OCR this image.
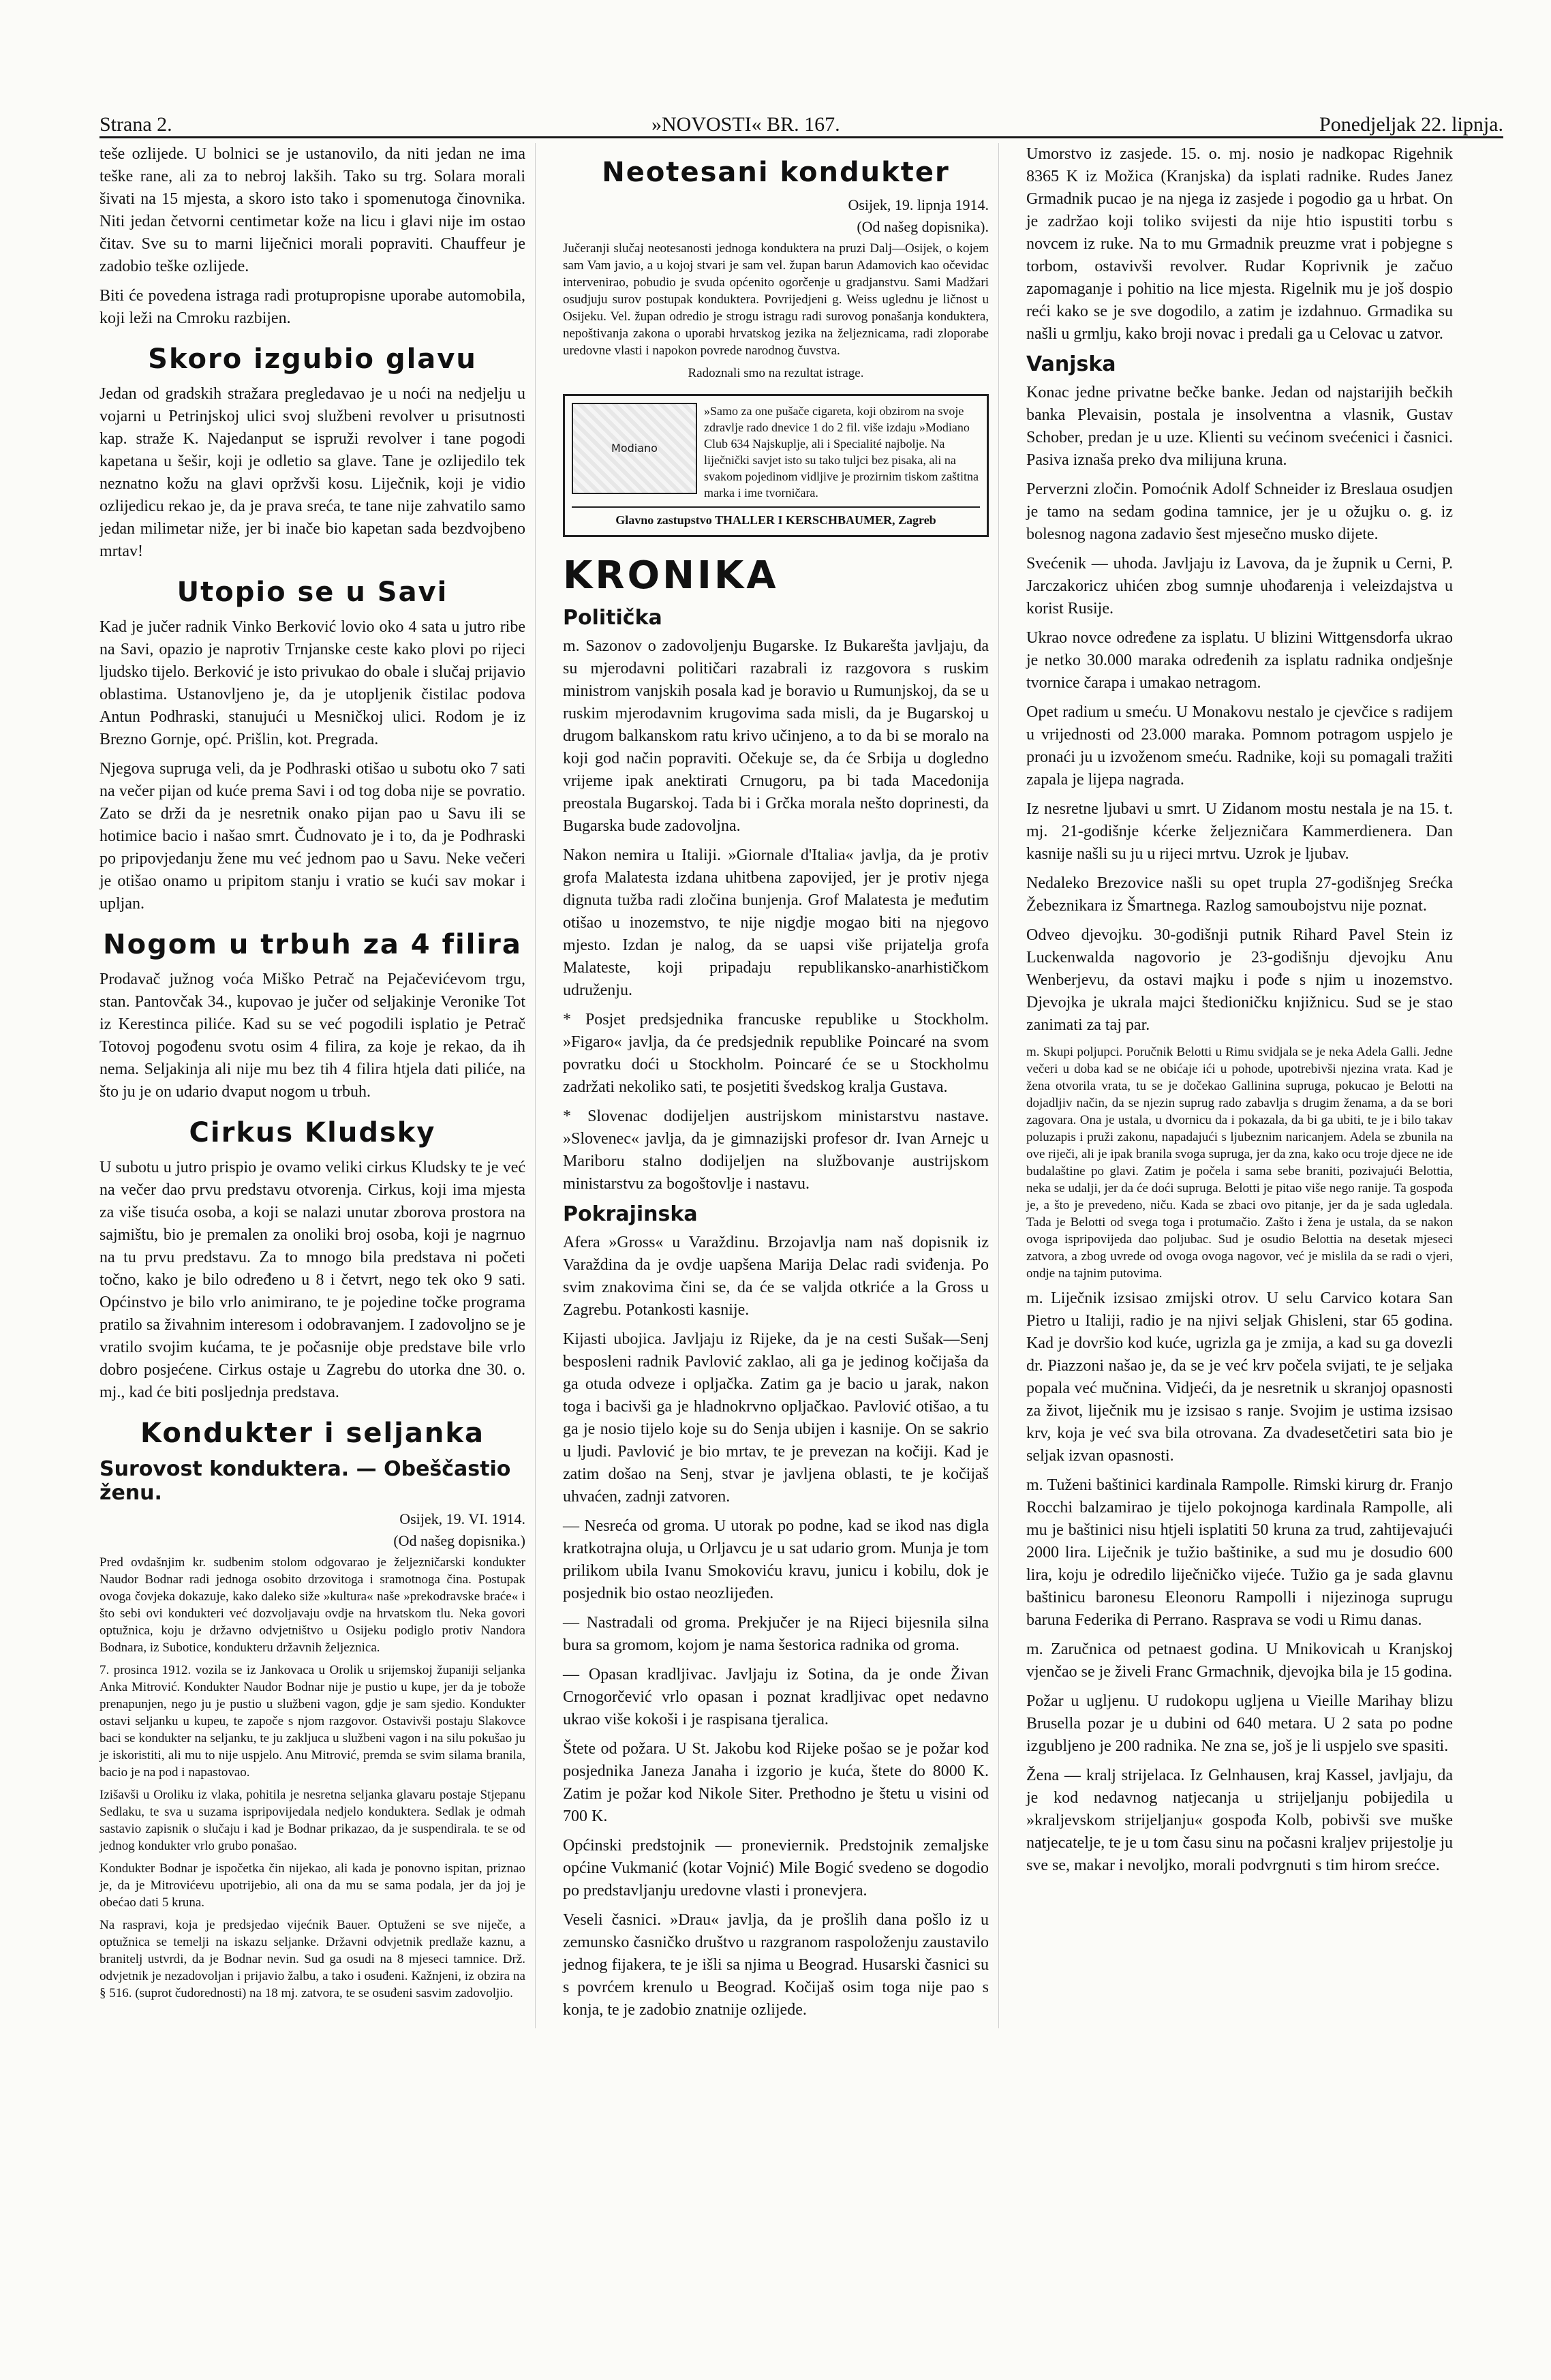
Strana 2.	»NOVOSTI« BR. 167.	Ponedjeljak 22. lipnja.

teše ozlijede. U bolnici se je ustanovilo, da niti jedan ne ima teške rane, ali za to nebroj lakših. Tako su trg. Solara morali šivati na 15 mjesta, a skoro isto tako i spomenutoga činovnika. Niti jedan četvorni centimetar kože na licu i glavi nije im ostao čitav. Sve su to marni liječnici morali popraviti. Chauffeur je zadobio teške ozlijede.

Biti će povedena istraga radi protupropisne uporabe automobila, koji leži na Cmroku razbijen.

Skoro izgubio glavu

Jedan od gradskih stražara pregledavao je u noći na nedjelju u vojarni u Petrinjskoj ulici svoj službeni revolver u prisutnosti kap. straže K. Najedanput se ispruži revolver i tane pogodi kapetana u šešir, koji je odletio sa glave. Tane je ozlijedilo tek neznatno kožu na glavi opržvši kosu. Liječnik, koji je vidio ozlijedicu rekao je, da je prava sreća, te tane nije zahvatilo samo jedan milimetar niže, jer bi inače bio kapetan sada bezdvojbeno mrtav!

Utopio se u Savi

Kad je jučer radnik Vinko Berković lovio oko 4 sata u jutro ribe na Savi, opazio je naprotiv Trnjanske ceste kako plovi po rijeci ljudsko tijelo. Berković je isto privukao do obale i slučaj prijavio oblastima. Ustanovljeno je, da je utopljenik čistilac podova Antun Podhraski, stanujući u Mesničkoj ulici. Rodom je iz Brezno Gornje, opć. Prišlin, kot. Pregrada.

Njegova supruga veli, da je Podhraski otišao u subotu oko 7 sati na večer pijan od kuće prema Savi i od tog doba nije se povratio. Zato se drži da je nesretnik onako pijan pao u Savu ili se hotimice bacio i našao smrt. Čudnovato je i to, da je Podhraski po pripovjedanju žene mu već jednom pao u Savu. Neke večeri je otišao onamo u pripitom stanju i vratio se kući sav mokar i upljan.

Nogom u trbuh za 4 filira

Prodavač južnog voća Miško Petrač na Pejačevićevom trgu, stan. Pantovčak 34., kupovao je jučer od seljakinje Veronike Tot iz Kerestinca piliće. Kad su se već pogodili isplatio je Petrač Totovoj pogođenu svotu osim 4 filira, za koje je rekao, da ih nema. Seljakinja ali nije mu bez tih 4 filira htjela dati piliće, na što ju je on udario dvaput nogom u trbuh.

Cirkus Kludsky

U subotu u jutro prispio je ovamo veliki cirkus Kludsky te je već na večer dao prvu predstavu otvorenja. Cirkus, koji ima mjesta za više tisuća osoba, a koji se nalazi unutar zborova prostora na sajmištu, bio je premalen za onoliki broj osoba, koji je nagrnuo na tu prvu predstavu. Za to mnogo bila predstava ni početi točno, kako je bilo određeno u 8 i četvrt, nego tek oko 9 sati. Općinstvo je bilo vrlo animirano, te je pojedine točke programa pratilo sa živahnim interesom i odobravanjem. I zadovoljno se je vratilo svojim kućama, te je počasnije obje predstave bile vrlo dobro posjećene. Cirkus ostaje u Zagrebu do utorka dne 30. o. mj., kad će biti posljednja predstava.

Kondukter i seljanka
Surovost konduktera. — Obeščastio ženu.
Osijek, 19. VI. 1914.
(Od našeg dopisnika.)

Pred ovdašnjim kr. sudbenim stolom odgovarao je željezničarski kondukter Naudor Bodnar radi jednoga osobito drzovitoga i sramotnoga čina. Postupak ovoga čovjeka dokazuje, kako daleko siže »kultura« naše »prekodravske braće« i što sebi ovi kondukteri već dozvoljavaju ovdje na hrvatskom tlu. Neka govori optužnica, koju je državno odvjetništvo u Osijeku podiglo protiv Nandora Bodnara, iz Subotice, kondukteru državnih željeznica.

7. prosinca 1912. vozila se iz Jankovaca u Orolik u srijemskoj županiji seljanka Anka Mitrović. Kondukter Naudor Bodnar nije je pustio u kupe, jer da je tobože prenapunjen, nego ju je pustio u službeni vagon, gdje je sam sjedio. Kondukter ostavi seljanku u kupeu, te započe s njom razgovor. Ostavivši postaju Slakovce baci se kondukter na seljanku, te ju zakljuca u službeni vagon i na silu pokušao ju je iskoristiti, ali mu to nije uspjelo. Anu Mitrović, premda se svim silama branila, bacio je na pod i napastovao.

Izišavši u Oroliku iz vlaka, pohitila je nesretna seljanka glavaru postaje Stjepanu Sedlaku, te sva u suzama ispripovijedala nedjelo konduktera. Sedlak je odmah sastavio zapisnik o slučaju i kad je Bodnar prikazao, da je suspendirala. te se od jednog kondukter vrlo grubo ponašao.

Kondukter Bodnar je ispočetka čin nijekao, ali kada je ponovno ispitan, priznao je, da je Mitrovićevu upotrijebio, ali ona da mu se sama podala, jer da joj je obećao dati 5 kruna.

Na raspravi, koja je predsjedao vijećnik Bauer. Optuženi se sve niječe, a optužnica se temelji na iskazu seljanke. Državni odvjetnik predlaže kaznu, a branitelj ustvrdi, da je Bodnar nevin. Sud ga osudi na 8 mjeseci tamnice. Drž. odvjetnik je nezadovoljan i prijavio žalbu, a tako i osuđeni. Kažnjeni, iz obzira na § 516. (suprot čudorednosti) na 18 mj. zatvora, te se osuđeni sasvim zadovoljio.

Neotesani kondukter
Osijek, 19. lipnja 1914.
(Od našeg dopisnika).

Jučeranji slučaj neotesanosti jednoga konduktera na pruzi Dalj—Osijek, o kojem sam Vam javio, a u kojoj stvari je sam vel. župan barun Adamovich kao očevidac intervenirao, pobudio je svuda općenito ogorčenje u gradjanstvu. Sami Madžari osudjuju surov postupak konduktera. Povrijedjeni g. Weiss uglednu je ličnost u Osijeku. Vel. župan odredio je strogu istragu radi surovog ponašanja konduktera, nepoštivanja zakona o uporabi hrvatskog jezika na željeznicama, radi zloporabe uredovne vlasti i napokon povrede narodnog čuvstva.

Radoznali smo na rezultat istrage.

Modiano
»Samo za one pušače cigareta, koji obzirom na svoje zdravlje rado dnevice 1 do 2 fil. više izdaju »Modiano Club 634 Najskuplje, ali i Specialité najbolje. Na liječnički savjet isto su tako tuljci bez pisaka, ali na svakom pojedinom vidljive je prozirnim tiskom zaštitna marka i ime tvorničara.
Glavno zastupstvo THALLER I KERSCHBAUMER, Zagreb
KRONIKA
Politička

m. Sazonov o zadovoljenju Bugarske. Iz Bukarešta javljaju, da su mjerodavni političari razabrali iz razgovora s ruskim ministrom vanjskih posala kad je boravio u Rumunjskoj, da se u ruskim mjerodavnim krugovima sada misli, da je Bugarskoj u drugom balkanskom ratu krivo učinjeno, a to da bi se moralo na koji god način popraviti. Očekuje se, da će Srbija u dogledno vrijeme ipak anektirati Crnugoru, pa bi tada Macedonija preostala Bugarskoj. Tada bi i Grčka morala nešto doprinesti, da Bugarska bude zadovoljna.

Nakon nemira u Italiji. »Giornale d'Italia« javlja, da je protiv grofa Malatesta izdana uhitbena zapovijed, jer je protiv njega dignuta tužba radi zločina bunjenja. Grof Malatesta je međutim otišao u inozemstvo, te nije nigdje mogao biti na njegovo mjesto. Izdan je nalog, da se uapsi više prijatelja grofa Malateste, koji pripadaju republikansko-anarhističkom udruženju.

* Posjet predsjednika francuske republike u Stockholm. »Figaro« javlja, da će predsjednik republike Poincaré na svom povratku doći u Stockholm. Poincaré će se u Stockholmu zadržati nekoliko sati, te posjetiti švedskog kralja Gustava.

* Slovenac dodijeljen austrijskom ministarstvu nastave. »Slovenec« javlja, da je gimnazijski profesor dr. Ivan Arnejc u Mariboru stalno dodijeljen na službovanje austrijskom ministarstvu za bogoštovlje i nastavu.

Pokrajinska

Afera »Gross« u Varaždinu. Brzojavlja nam naš dopisnik iz Varaždina da je ovdje uapšena Marija Delac radi sviđenja. Po svim znakovima čini se, da će se valjda otkriće a la Gross u Zagrebu. Potankosti kasnije.

Kijasti ubojica. Javljaju iz Rijeke, da je na cesti Sušak—Senj besposleni radnik Pavlović zaklao, ali ga je jedinog kočijaša da ga otuda odveze i opljačka. Zatim ga je bacio u jarak, nakon toga i bacivši ga je hladnokrvno opljačkao. Pavlović otišao, a tu ga je nosio tijelo koje su do Senja ubijen i kasnije. On se sakrio u ljudi. Pavlović je bio mrtav, te je prevezan na kočiji. Kad je zatim došao na Senj, stvar je javljena oblasti, te je kočijaš uhvaćen, zadnji zatvoren.

— Nesreća od groma. U utorak po podne, kad se ikod nas digla kratkotrajna oluja, u Orljavcu je u sat udario grom. Munja je tom prilikom ubila Ivanu Smokoviću kravu, junicu i kobilu, dok je posjednik bio ostao neozlijeđen.

— Nastradali od groma. Prekjučer je na Rijeci bijesnila silna bura sa gromom, kojom je nama šestorica radnika od groma.

— Opasan kradljivac. Javljaju iz Sotina, da je onde Živan Crnogorčević vrlo opasan i poznat kradljivac opet nedavno ukrao više kokoši i je raspisana tjeralica.

Štete od požara. U St. Jakobu kod Rijeke pošao se je požar kod posjednika Janeza Janaha i izgorio je kuća, štete do 8000 K. Zatim je požar kod Nikole Siter. Prethodno je štetu u visini od 700 K.

Općinski predstojnik — proneviernik. Predstojnik zemaljske općine Vukmanić (kotar Vojnić) Mile Bogić svedeno se dogodio po predstavljanju uredovne vlasti i pronevjera.

Veseli časnici. »Drau« javlja, da je prošlih dana pošlo iz u zemunsko časničko društvo u razgranom raspoloženju zaustavilo jednog fijakera, te je išli sa njima u Beograd. Husarski časnici su s povrćem krenulo u Beograd. Kočijaš osim toga nije pao s konja, te je zadobio znatnije ozlijede.

Umorstvo iz zasjede. 15. o. mj. nosio je nadkopac Rigehnik 8365 K iz Možica (Kranjska) da isplati radnike. Rudes Janez Grmadnik pucao je na njega iz zasjede i pogodio ga u hrbat. On je zadržao koji toliko svijesti da nije htio ispustiti torbu s novcem iz ruke. Na to mu Grmadnik preuzme vrat i pobjegne s torbom, ostavivši revolver. Rudar Koprivnik je začuo zapomaganje i pohitio na lice mjesta. Rigelnik mu je još dospio reći kako se je sve dogodilo, a zatim je izdahnuo. Grmadika su našli u grmlju, kako broji novac i predali ga u Celovac u zatvor.

Vanjska

Konac jedne privatne bečke banke. Jedan od najstarijih bečkih banka Plevaisin, postala je insolventna a vlasnik, Gustav Schober, predan je u uze. Klienti su većinom svećenici i časnici. Pasiva iznaša preko dva milijuna kruna.

Perverzni zločin. Pomoćnik Adolf Schneider iz Breslaua osudjen je tamo na sedam godina tamnice, jer je u ožujku o. g. iz bolesnog nagona zadavio šest mjesečno musko dijete.

Svećenik — uhoda. Javljaju iz Lavova, da je župnik u Cerni, P. Jarczakoricz uhićen zbog sumnje uhođarenja i veleizdajstva u korist Rusije.

Ukrao novce određene za isplatu. U blizini Wittgensdorfa ukrao je netko 30.000 maraka određenih za isplatu radnika ondješnje tvornice čarapa i umakao netragom.

Opet radium u smeću. U Monakovu nestalo je cjevčice s radijem u vrijednosti od 23.000 maraka. Pomnom potragom uspjelo je pronaći ju u izvoženom smeću. Radnike, koji su pomagali tražiti zapala je lijepa nagrada.

Iz nesretne ljubavi u smrt. U Zidanom mostu nestala je na 15. t. mj. 21-godišnje kćerke željezničara Kammerdienera. Dan kasnije našli su ju u rijeci mrtvu. Uzrok je ljubav.

Nedaleko Brezovice našli su opet trupla 27-godišnjeg Srećka Žebeznikara iz Šmartnega. Razlog samoubojstvu nije poznat.

Odveo djevojku. 30-godišnji putnik Rihard Pavel Stein iz Luckenwalda nagovorio je 23-godišnju djevojku Anu Wenberjevu, da ostavi majku i pođe s njim u inozemstvo. Djevojka je ukrala majci štedioničku knjižnicu. Sud se je stao zanimati za taj par.

m. Skupi poljupci. Poručnik Belotti u Rimu svidjala se je neka Adela Galli. Jedne večeri u doba kad se ne obićaje ići u pohode, upotrebivši njezina vrata. Kad je žena otvorila vrata, tu se je dočekao Gallinina supruga, pokucao je Belotti na dojadljiv način, da se njezin suprug rado zabavlja s drugim ženama, a da se bori zagovara. Ona je ustala, u dvornicu da i pokazala, da bi ga ubiti, te je i bilo takav poluzapis i pruži zakonu, napadajući s ljubeznim naricanjem. Adela se zbunila na ove riječi, ali je ipak branila svoga supruga, jer da zna, kako ocu troje djece ne ide budalaštine po glavi. Zatim je počela i sama sebe braniti, pozivajući Belottia, neka se udalji, jer da će doći supruga. Belotti je pitao više nego ranije. Ta gospođa je, a što je prevedeno, niču. Kada se zbaci ovo pitanje, jer da je sada ugledala. Tada je Belotti od svega toga i protumačio. Zašto i žena je ustala, da se nakon ovoga ispripovijeda dao poljubac. Sud je osudio Belottia na desetak mjeseci zatvora, a zbog uvrede od ovoga ovoga nagovor, već je mislila da se radi o vjeri, ondje na tajnim putovima.

m. Liječnik izsisao zmijski otrov. U selu Carvico kotara San Pietro u Italiji, radio je na njivi seljak Ghisleni, star 65 godina. Kad je dovršio kod kuće, ugrizla ga je zmija, a kad su ga dovezli dr. Piazzoni našao je, da se je već krv počela svijati, te je seljaka popala već mučnina. Vidjeći, da je nesretnik u skranjoj opasnosti za život, liječnik mu je izsisao s ranje. Svojim je ustima izsisao krv, koja je već sva bila otrovana. Za dvadesetčetiri sata bio je seljak izvan opasnosti.

m. Tuženi baštinici kardinala Rampolle. Rimski kirurg dr. Franjo Rocchi balzamirao je tijelo pokojnoga kardinala Rampolle, ali mu je baštinici nisu htjeli isplatiti 50 kruna za trud, zahtijevajući 2000 lira. Liječnik je tužio baštinike, a sud mu je dosudio 600 lira, koju je odredilo liječničko vijeće. Tužio ga je sada glavnu baštinicu baronesu Eleonoru Rampolli i nijezinoga suprugu baruna Federika di Perrano. Rasprava se vodi u Rimu danas.

m. Zaručnica od petnaest godina. U Mnikovicah u Kranjskoj vjenčao se je živeli Franc Grmachnik, djevojka bila je 15 godina.

Požar u ugljenu. U rudokopu ugljena u Vieille Marihay blizu Brusella pozar je u dubini od 640 metara. U 2 sata po podne izgubljeno je 200 radnika. Ne zna se, još je li uspjelo sve spasiti.

Žena — kralj strijelaca. Iz Gelnhausen, kraj Kassel, javljaju, da je kod nedavnog natjecanja u strijeljanju pobijedila u »kraljevskom strijeljanju« gospođa Kolb, pobivši sve muške natjecatelje, te je u tom času sinu na počasni kraljev prijestolje ju sve se, makar i nevoljko, morali podvrgnuti s tim hirom srećce.
